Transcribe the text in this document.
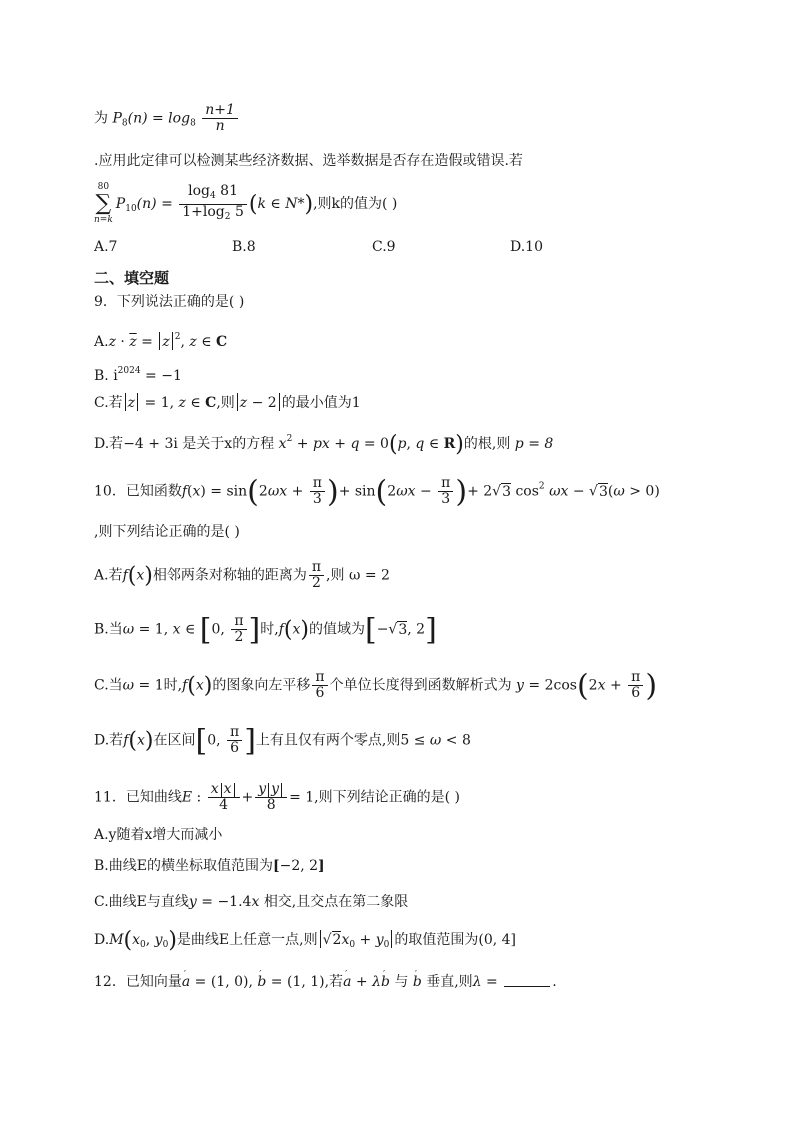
为 $P_8(n) = \log_8 \frac{n+1}{n}$
.应用此定律可以检测某些经济数据、选举数据是否存在造假或错误.若
80
∑
n=k
$P_{10}(n) = \frac{\log_4 81}{1+\log_2 5} (k$ ∈ N*),则k的值为( )
A.7	B.8	C.9	D.10
二、填空题
9．下列说法正确的是( )
$A.z \cdot \overline{z} = z$ $^2$, z ∈ C
B. $i^{2024} = -1$
C.若 z = 1, z ∈ C,则 z − 2 的最小值为1
D.若−4 + 3i 是关于x的方程 $x^2$ + px + q = 0(p, q ∈ R)的根,则 p = 8
10．已知函数$f(x) = \sin(2\omega x + \frac{\pi}{3}$ )+ $\sin(2\omega x - \frac{\pi}{3}$ )+ 2√3 $\cos^2 \omega x - √3(\omega > 0)$
,则下列结论正确的是( )
A.若f(x)相邻两条对称轴的距离为 $\frac{\pi}{2}$ ,则 ω = 2
B.当ω = 1, x ∈ [0, $\frac{\pi}{2}$ ]时,f(x)的值域为[−√3, 2]
C.当ω = 1时,f(x)的图象向左平移 $\frac{\pi}{6}$ 个单位长度得到函数解析式为 $y = 2\cos(2x + \frac{\pi}{6}$ )
D.若f(x)在区间[0, $\frac{\pi}{6}$ ]上有且仅有两个零点,则5 ≤ ω < 8
11．已知曲线E : $\frac{\text{x x}}{4} + \frac{\text{y y}}{8} = 1$,则下列结论正确的是( )
A.y随着x增大而减小
B.曲线E的横坐标取值范围为[−2, 2]
C.曲线E与直线y = −1.4x 相交,且交点在第二象限
$D.M(x_0$, $y_0$)是曲线E上任意一点,则 $√2x_0 + y_0$ 的取值范围为(0, 4]
12．已知向量′ a = (1, 0), ′ b = (1, 1),若′ a + λ′ b 与 ′ b 垂直,则λ =	.
